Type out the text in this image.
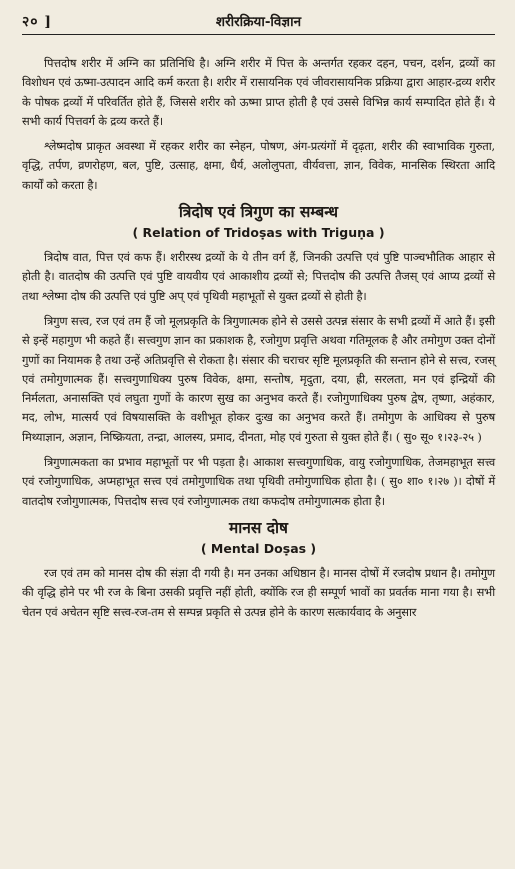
२० ]	शरीरक्रिया-विज्ञान

पित्तदोष शरीर में अग्नि का प्रतिनिधि है। अग्नि शरीर में पित्त के अन्तर्गत रहकर दहन, पचन, दर्शन, द्रव्यों का विशोधन एवं ऊष्मा-उत्पादन आदि कर्म करता है। शरीर में रासायनिक एवं जीवरासायनिक प्रक्रिया द्वारा आहार-द्रव्य शरीर के पोषक द्रव्यों में परिवर्तित होते हैं, जिससे शरीर को ऊष्मा प्राप्त होती है एवं उससे विभिन्न कार्य सम्पादित होते हैं। ये सभी कार्य पित्तवर्ग के द्रव्य करते हैं।

श्लेष्मदोष प्राकृत अवस्था में रहकर शरीर का स्नेहन, पोषण, अंग-प्रत्यंगों में दृढ़ता, शरीर की स्वाभाविक गुरुता, वृद्धि, तर्पण, व्रणरोहण, बल, पुष्टि, उत्साह, क्षमा, धैर्य, अलोलुपता, वीर्यवत्ता, ज्ञान, विवेक, मानसिक स्थिरता आदि कार्यों को करता है।

त्रिदोष एवं त्रिगुण का सम्बन्ध
( Relation of Tridoṣas with Triguṇa )

त्रिदोष वात, पित्त एवं कफ हैं। शरीरस्थ द्रव्यों के ये तीन वर्ग हैं, जिनकी उत्पत्ति एवं पुष्टि पाञ्चभौतिक आहार से होती है। वातदोष की उत्पत्ति एवं पुष्टि वायवीय एवं आकाशीय द्रव्यों से; पित्तदोष की उत्पत्ति तैजस् एवं आप्य द्रव्यों से तथा श्लेष्मा दोष की उत्पत्ति एवं पुष्टि अप् एवं पृथिवी महाभूतों से युक्त द्रव्यों से होती है।

त्रिगुण सत्त्व, रज एवं तम हैं जो मूलप्रकृति के त्रिगुणात्मक होने से उससे उत्पन्न संसार के सभी द्रव्यों में आते हैं। इसी से इन्हें महागुण भी कहते हैं। सत्त्वगुण ज्ञान का प्रकाशक है, रजोगुण प्रवृत्ति अथवा गतिमूलक है और तमोगुण उक्त दोनों गुणों का नियामक है तथा उन्हें अतिप्रवृत्ति से रोकता है। संसार की चराचर सृष्टि मूलप्रकृति की सन्तान होने से सत्त्व, रजस् एवं तमोगुणात्मक हैं। सत्त्वगुणाधिक्य पुरुष विवेक, क्षमा, सन्तोष, मृदुता, दया, ह्री, सरलता, मन एवं इन्द्रियों की निर्मलता, अनासक्ति एवं लघुता गुणों के कारण सुख का अनुभव करते हैं। रजोगुणाधिक्य पुरुष द्वेष, तृष्णा, अहंकार, मद, लोभ, मात्सर्य एवं विषयासक्ति के वशीभूत होकर दुःख का अनुभव करते हैं। तमोगुण के आधिक्य से पुरुष मिथ्याज्ञान, अज्ञान, निष्क्रियता, तन्द्रा, आलस्य, प्रमाद, दीनता, मोह एवं गुरुता से युक्त होते हैं। ( सु० सू० १।२३-२५ )

त्रिगुणात्मकता का प्रभाव महाभूतों पर भी पड़ता है। आकाश सत्त्वगुणाधिक, वायु रजोगुणाधिक, तेजमहाभूत सत्त्व एवं रजोगुणाधिक, अप्महाभूत सत्त्व एवं तमोगुणाधिक तथा पृथिवी तमोगुणाधिक होता है। ( सु० शा० १।२७ )। दोषों में वातदोष रजोगुणात्मक, पित्तदोष सत्त्व एवं रजोगुणात्मक तथा कफदोष तमोगुणात्मक होता है।

मानस दोष
( Mental Doṣas )

रज एवं तम को मानस दोष की संज्ञा दी गयी है। मन उनका अधिष्ठान है। मानस दोषों में रजदोष प्रधान है। तमोगुण की वृद्धि होने पर भी रज के बिना उसकी प्रवृत्ति नहीं होती, क्योंकि रज ही सम्पूर्ण भावों का प्रवर्तक माना गया है। सभी चेतन एवं अचेतन सृष्टि सत्त्व-रज-तम से सम्पन्न प्रकृति से उत्पन्न होने के कारण सत्कार्यवाद के अनुसार
